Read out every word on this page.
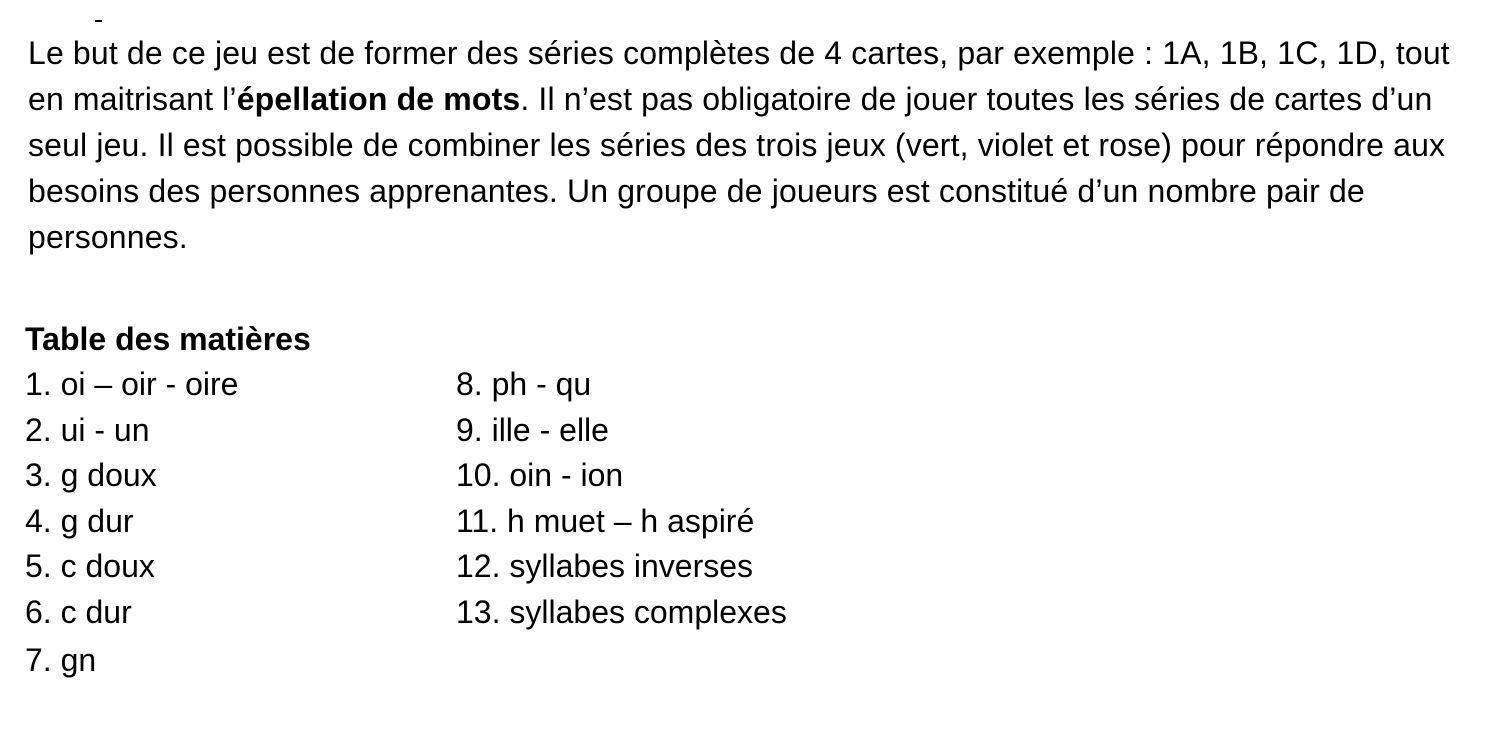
Le but de ce jeu est de former des séries complètes de 4 cartes, par exemple : 1A, 1B, 1C, 1D, tout en maitrisant l’épellation de mots. Il n’est pas obligatoire de jouer toutes les séries de cartes d’un seul jeu. Il est possible de combiner les séries des trois jeux (vert, violet et rose) pour répondre aux besoins des personnes apprenantes. Un groupe de joueurs est constitué d’un nombre pair de personnes.

Table des matières
1. oi – oir - oire
2. ui - un
3. g doux
4. g dur
5. c doux
6. c dur
7. gn
8. ph - qu
9. ille - elle
10. oin - ion
11. h muet – h aspiré
12. syllabes inverses
13. syllabes complexes
